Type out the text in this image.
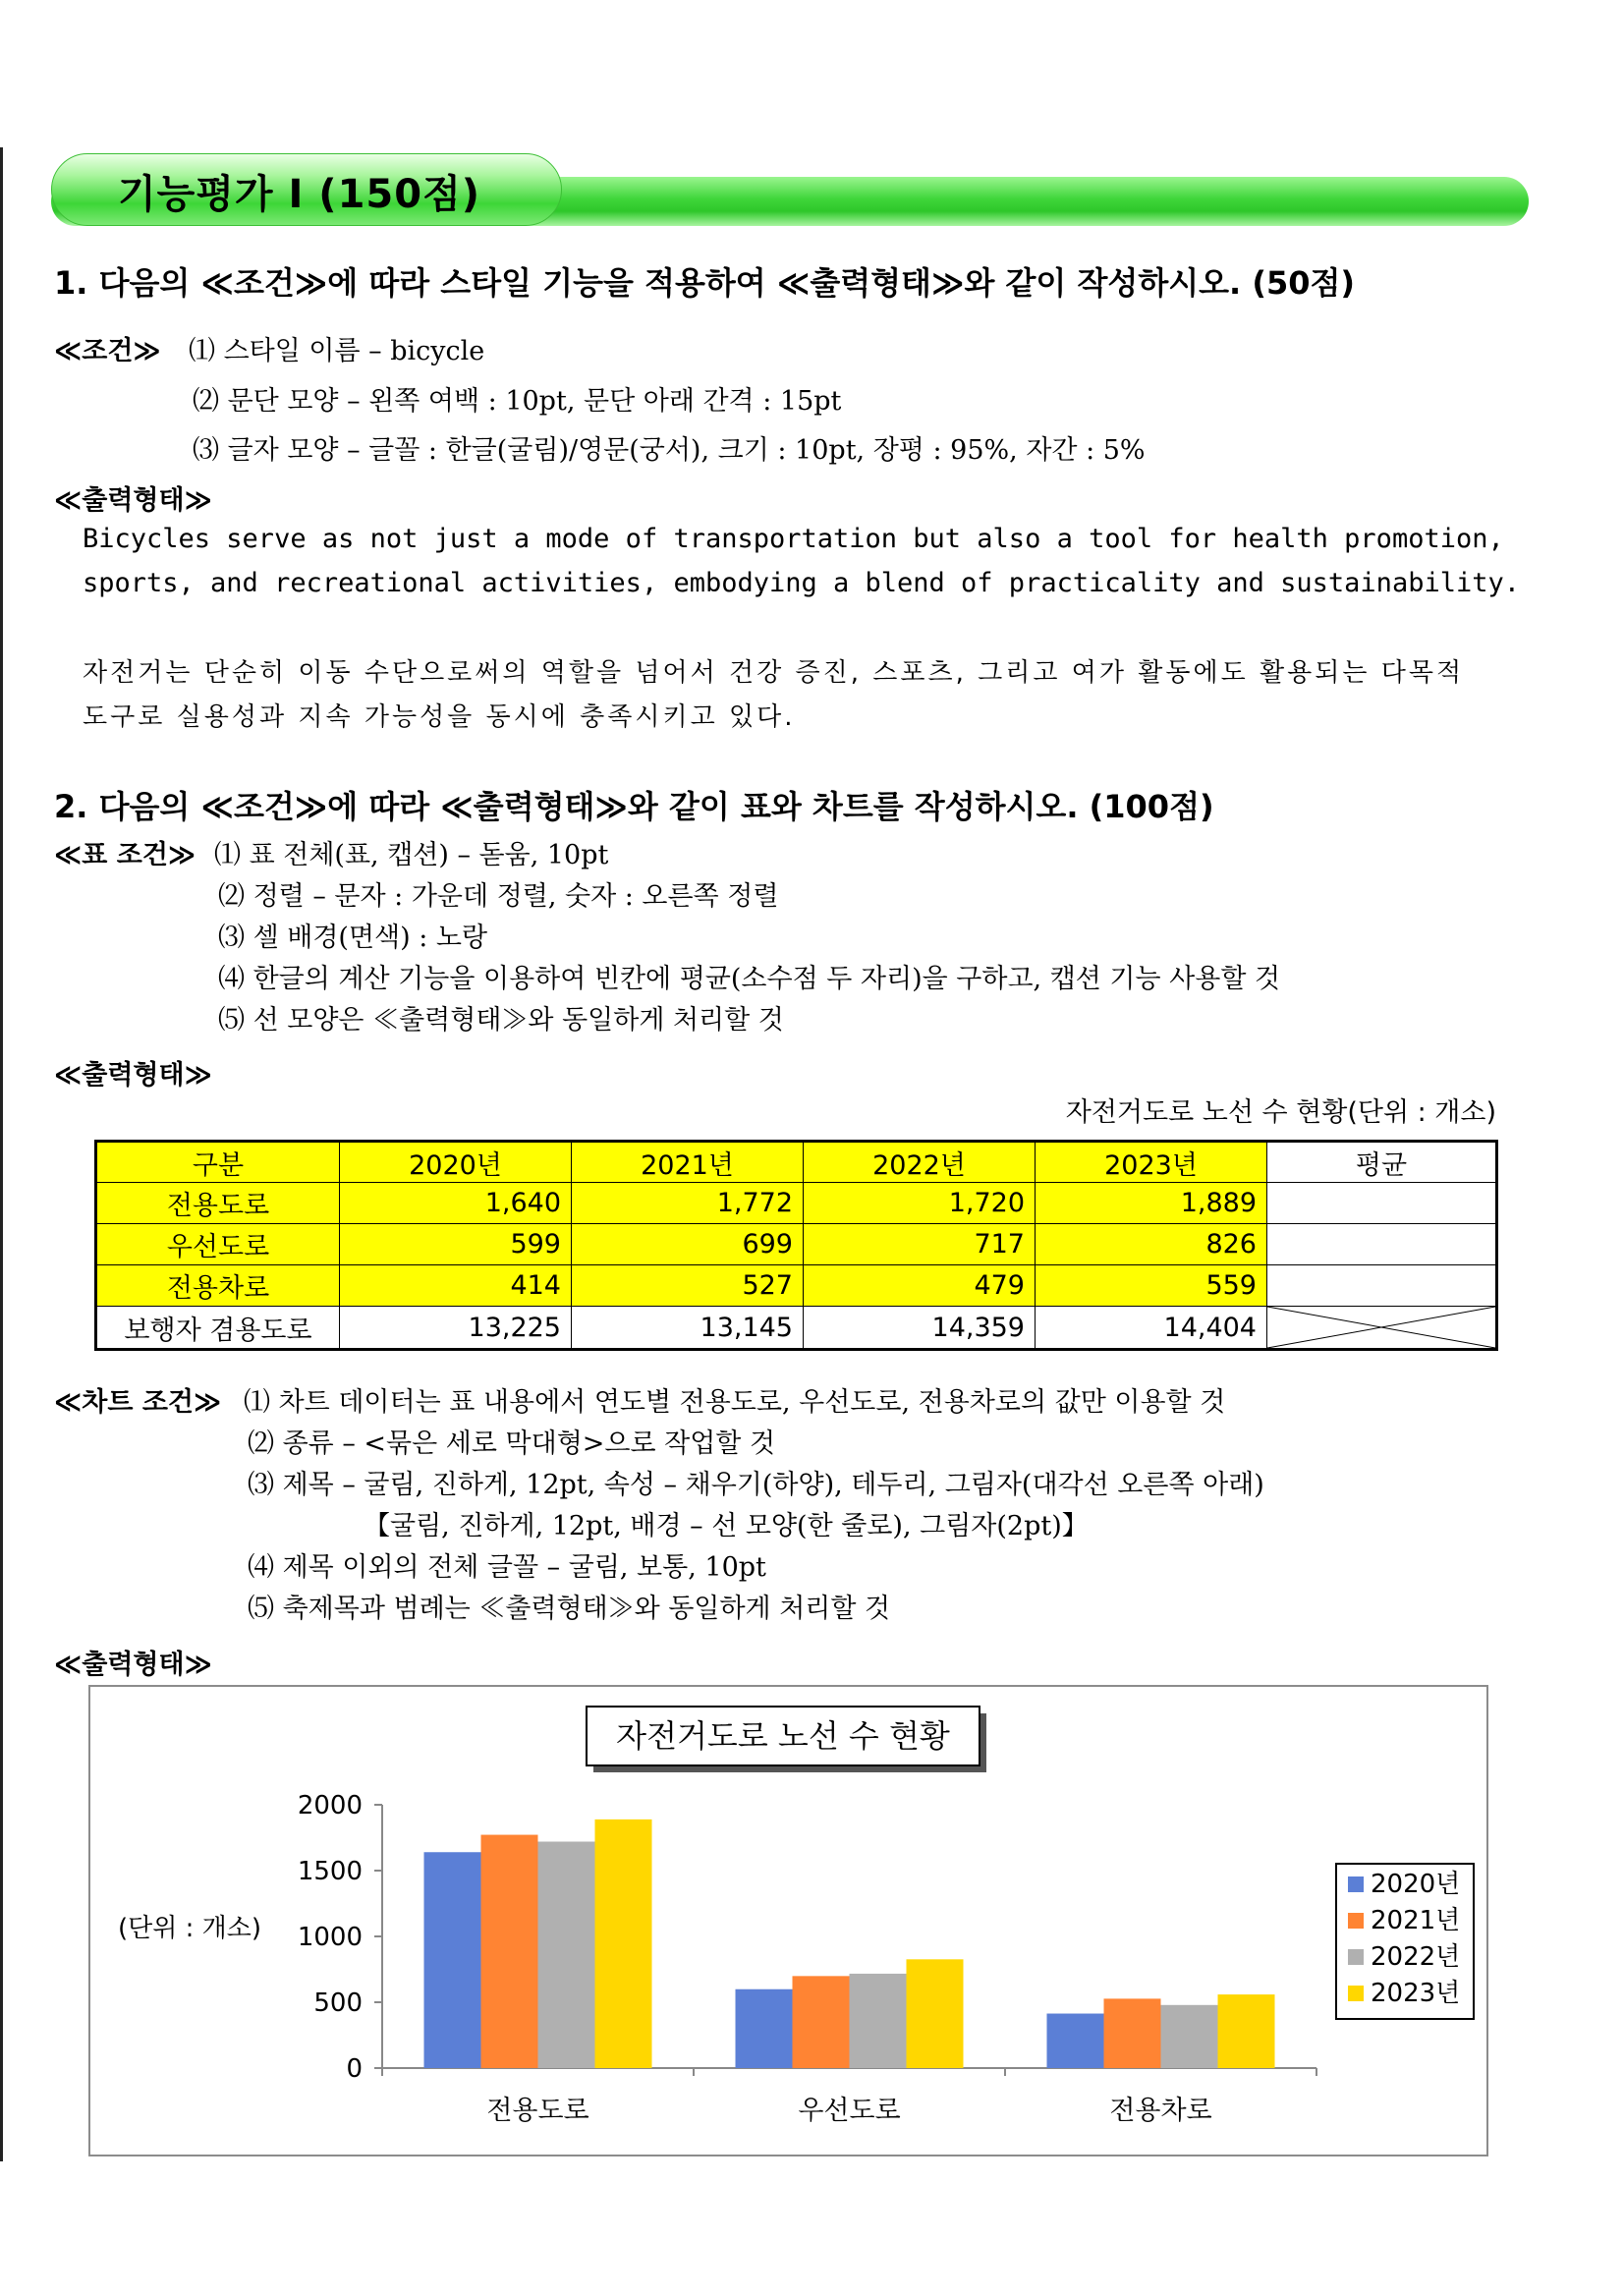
기능평가 Ⅰ (150점)
1. 다음의 ≪조건≫에 따라 스타일 기능을 적용하여 ≪출력형태≫와 같이 작성하시오. (50점)
≪조건≫ ⑴ 스타일 이름 – bicycle
⑵ 문단 모양 – 왼쪽 여백 : 10pt, 문단 아래 간격 : 15pt
⑶ 글자 모양 – 글꼴 : 한글(굴림)/영문(궁서), 크기 : 10pt, 장평 : 95%, 자간 : 5%
≪출력형태≫
Bicycles serve as not just a mode of transportation but also a tool for health promotion,
sports, and recreational activities, embodying a blend of practicality and sustainability.
자전거는 단순히 이동 수단으로써의 역할을 넘어서 건강 증진, 스포츠, 그리고 여가 활동에도 활용되는 다목적
도구로 실용성과 지속 가능성을 동시에 충족시키고 있다.
2. 다음의 ≪조건≫에 따라 ≪출력형태≫와 같이 표와 차트를 작성하시오. (100점)
≪표 조건≫ ⑴ 표 전체(표, 캡션) – 돋움, 10pt
⑵ 정렬 – 문자 : 가운데 정렬, 숫자 : 오른쪽 정렬
⑶ 셀 배경(면색) : 노랑
⑷ 한글의 계산 기능을 이용하여 빈칸에 평균(소수점 두 자리)을 구하고, 캡션 기능 사용할 것
⑸ 선 모양은 ≪출력형태≫와 동일하게 처리할 것
≪출력형태≫
자전거도로 노선 수 현황(단위 : 개소)
구분	2020년	2021년	2022년	2023년	평균
전용도로	1,640	1,772	1,720	1,889	
우선도로	599	699	717	826	
전용차로	414	527	479	559	
보행자 겸용도로	13,225	13,145	14,359	14,404	
≪차트 조건≫ ⑴ 차트 데이터는 표 내용에서 연도별 전용도로, 우선도로, 전용차로의 값만 이용할 것
⑵ 종류 – <묶은 세로 막대형>으로 작업할 것
⑶ 제목 – 굴림, 진하게, 12pt, 속성 – 채우기(하양), 테두리, 그림자(대각선 오른쪽 아래)
【굴림, 진하게, 12pt, 배경 – 선 모양(한 줄로), 그림자(2pt)】
⑷ 제목 이외의 전체 글꼴 – 굴림, 보통, 10pt
⑸ 축제목과 범례는 ≪출력형태≫와 동일하게 처리할 것
≪출력형태≫
자전거도로 노선 수 현황
(단위 : 개소)
2000
1500
1000
500
0
전용도로	우선도로	전용차로
2020년
2021년
2022년
2023년
